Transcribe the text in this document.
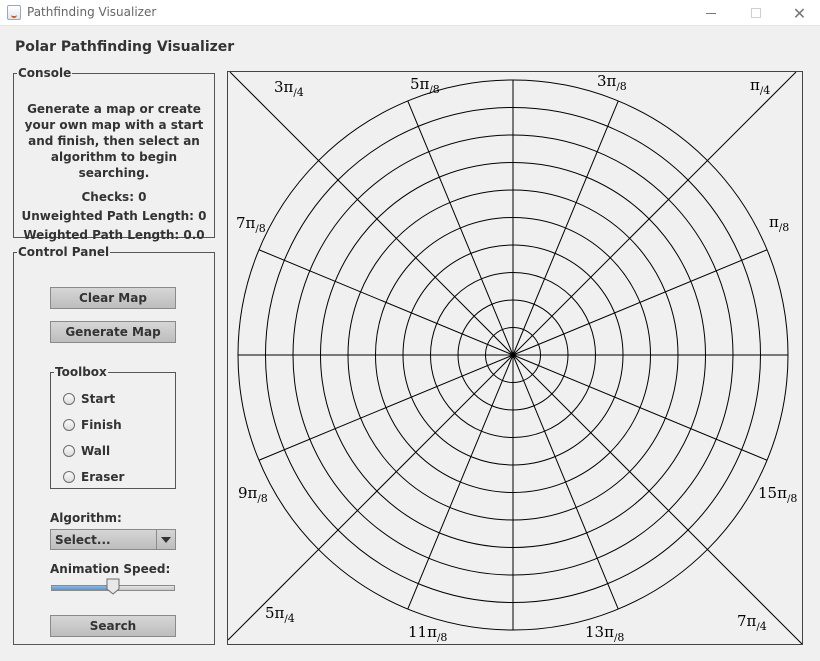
Pathfinding Visualizer	✕
Polar Pathfinding Visualizer
Console
Generate a map or create your own map with a start and finish, then select an algorithm to begin searching.
Checks: 0
Unweighted Path Length: 0
Weighted Path Length: 0.0
Control Panel
Clear Map
Generate Map
Toolbox
Start
Finish
Wall
Eraser
Algorithm:
Select...
Animation Speed:
Search
$3\pi_/4$	$5\pi_/8$	$3\pi_/8$	$\pi_/4$
$7\pi_/8$	$\pi_/8$
$9\pi_/8$	$15\pi_/8$
$5\pi_/4$
$11\pi_/8$	$13\pi_/8$
$7\pi_/4$
